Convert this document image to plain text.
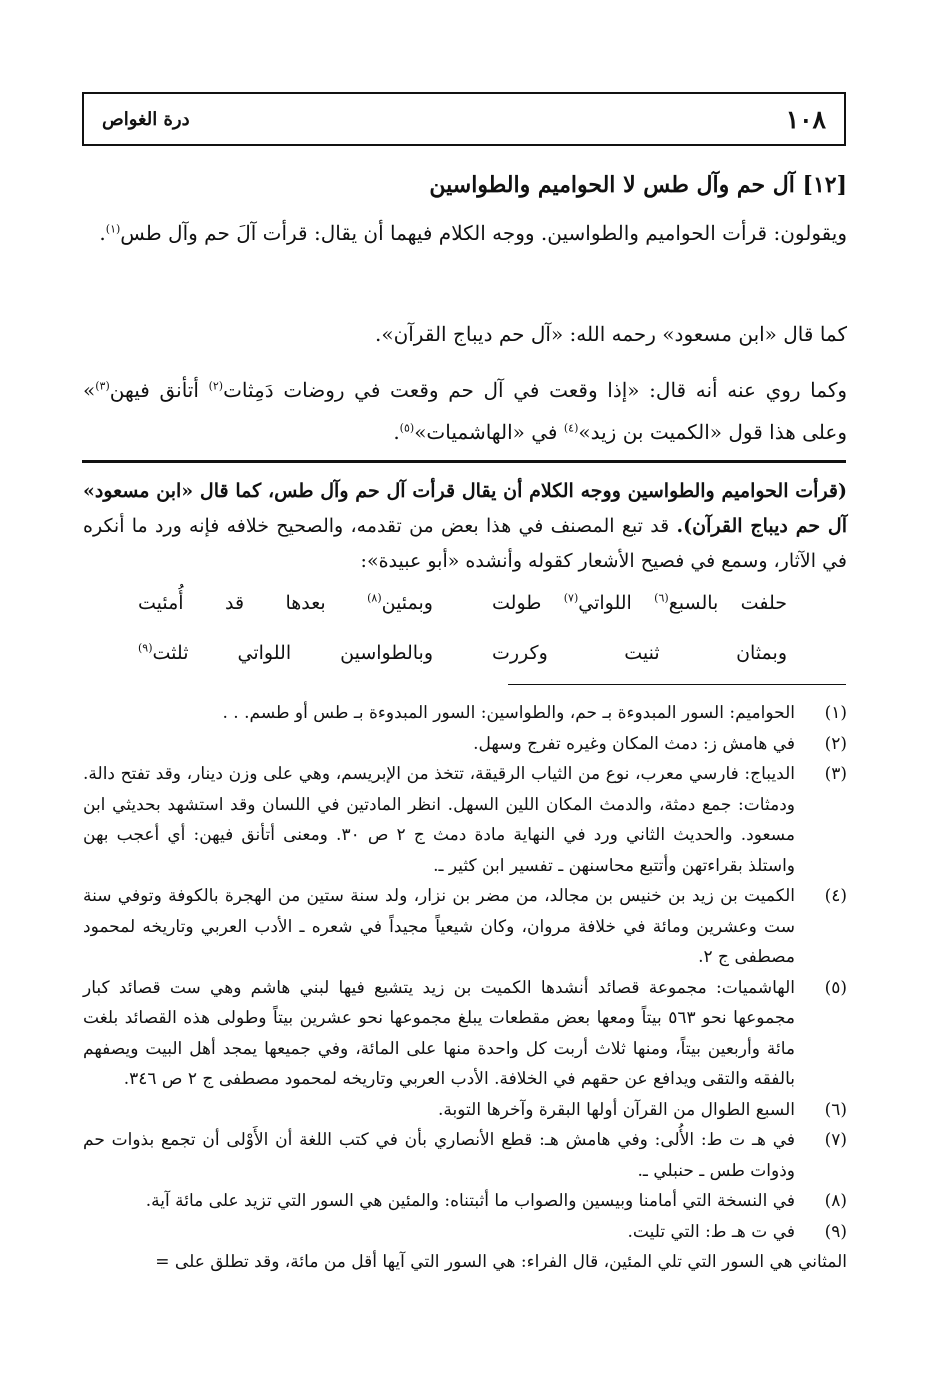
١٠٨
درة الغواص
[١٢] آل حم وآل طس لا الحواميم والطواسين
ويقولون: قرأت الحواميم والطواسين. ووجه الكلام فيهما أن يقال: قرأت آلَ حم وآل طس$^{(١)}$.
كما قال «ابن مسعود» رحمه الله: «آل حم ديباج القرآن».
وكما روي عنه أنه قال: «إذا وقعت في آل حم وقعت في روضات دَمِثات$^{(٢)}$ أتأنق فيهن$^{(٣)}$» وعلى هذا قول «الكميت بن زيد»$^{(٤)}$ في «الهاشميات»$^{(٥)}$.
(قرأت الحواميم والطواسين ووجه الكلام أن يقال قرأت آل حم وآل طس، كما قال «ابن مسعود» آل حم ديباج القرآن). قد تبع المصنف في هذا بعض من تقدمه، والصحيح خلافه فإنه ورد ما أنكره في الآثار، وسمع في فصيح الأشعار كقوله وأنشده «أبو عبيدة»:
حلفت بالسبع$^{(٦)}$ اللواتي$^{(٧)}$ طولت
وبمئين$^{(٨)}$ بعدها قد أُمئيت
وبمثان ثنيت وكررت
وبالطواسين اللواتي ثلثت$^{(٩)}$
(١)
الحواميم: السور المبدوءة بـ حم، والطواسين: السور المبدوءة بـ طس أو طسم. . .
(٢)
في هامش ز: دمث المكان وغيره تفرج وسهل.
(٣)
الديباج: فارسي معرب، نوع من الثياب الرقيقة، تتخذ من الإبريسم، وهي على وزن دينار، وقد تفتح دالة. ودمثات: جمع دمثة، والدمث المكان اللين السهل. انظر المادتين في اللسان وقد استشهد بحديثي ابن مسعود. والحديث الثاني ورد في النهاية مادة دمث ج ٢ ص ٣٠. ومعنى أتأنق فيهن: أي أعجب بهن واستلذ بقراءتهن وأتتبع محاسنهن ـ تفسير ابن كثير ـ.
(٤)
الكميت بن زيد بن خنيس بن مجالد، من مضر بن نزار، ولد سنة ستين من الهجرة بالكوفة وتوفي سنة ست وعشرين ومائة في خلافة مروان، وكان شيعياً مجيداً في شعره ـ الأدب العربي وتاريخه لمحمود مصطفى ج ٢.
(٥)
الهاشميات: مجموعة قصائد أنشدها الكميت بن زيد يتشيع فيها لبني هاشم وهي ست قصائد كبار مجموعها نحو ٥٦٣ بيتاً ومعها بعض مقطعات يبلغ مجموعها نحو عشرين بيتاً وطولى هذه القصائد بلغت مائة وأربعين بيتاً، ومنها ثلاث أربت كل واحدة منها على المائة، وفي جميعها يمجد أهل البيت ويصفهم بالفقه والتقى ويدافع عن حقهم في الخلافة. الأدب العربي وتاريخه لمحمود مصطفى ج ٢ ص ٣٤٦.
(٦)
السبع الطوال من القرآن أولها البقرة وآخرها التوبة.
(٧)
في هـ ت ط: الأُلى: وفي هامش هـ: قطع الأنصاري بأن في كتب اللغة أن الأَوْلى أن تجمع بذوات حم وذوات طس ـ حنبلي ـ.
(٨)
في النسخة التي أمامنا وبيسين والصواب ما أثبتناه: والمئين هي السور التي تزيد على مائة آية.
(٩)
في ت هـ ط: التي تليت.
المثاني هي السور التي تلي المئين، قال الفراء: هي السور التي آيها أقل من مائة، وقد تطلق على =
